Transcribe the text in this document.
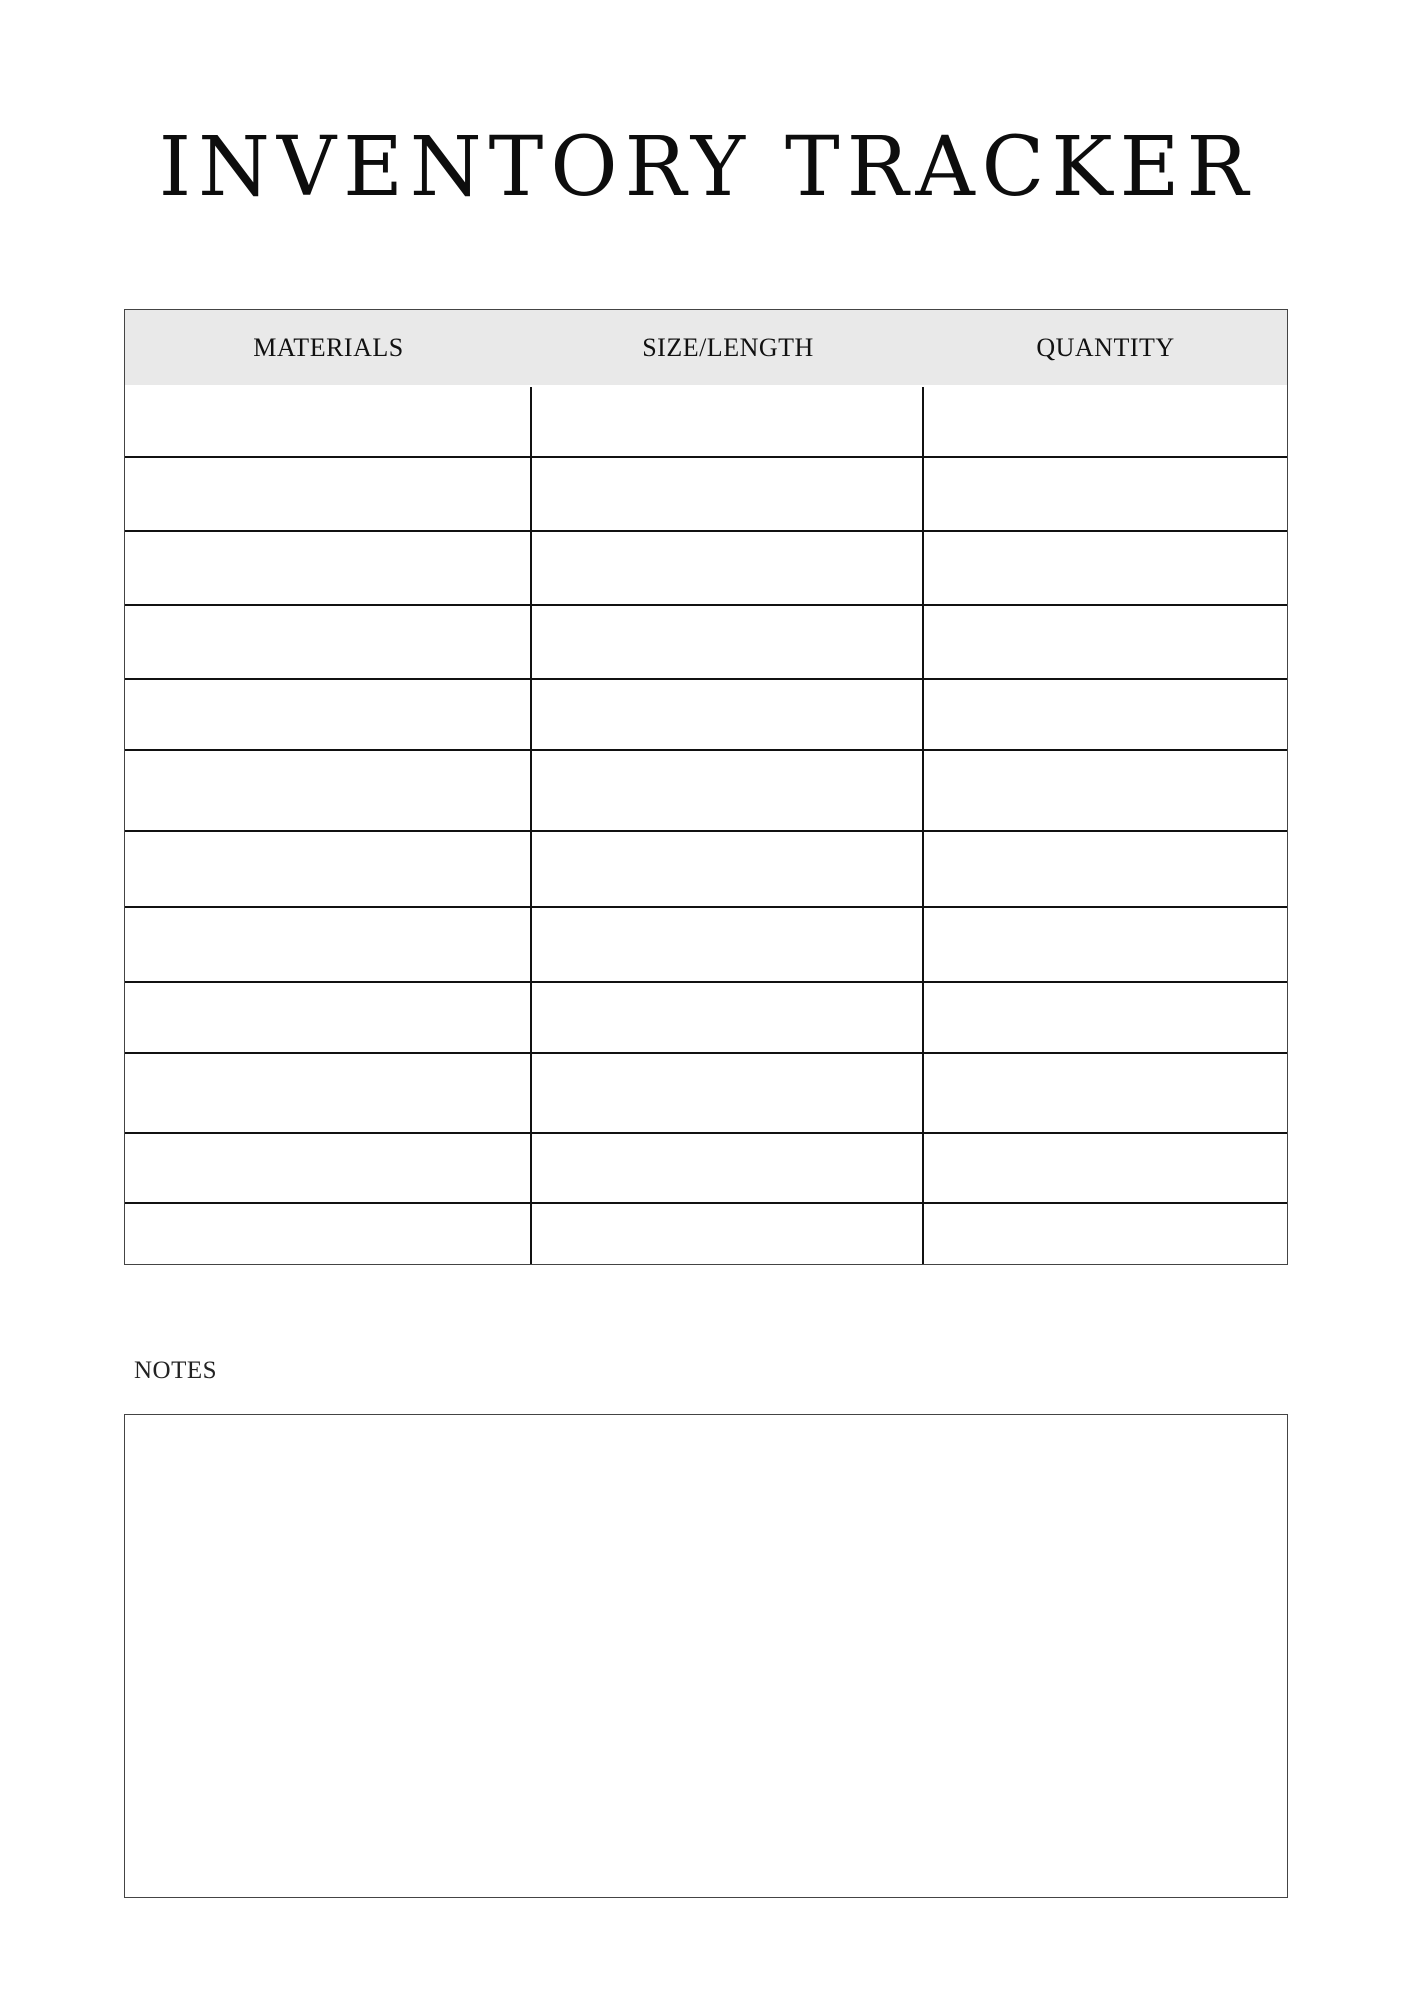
INVENTORY TRACKER
MATERIALS	SIZE/LENGTH	QUANTITY
NOTES
